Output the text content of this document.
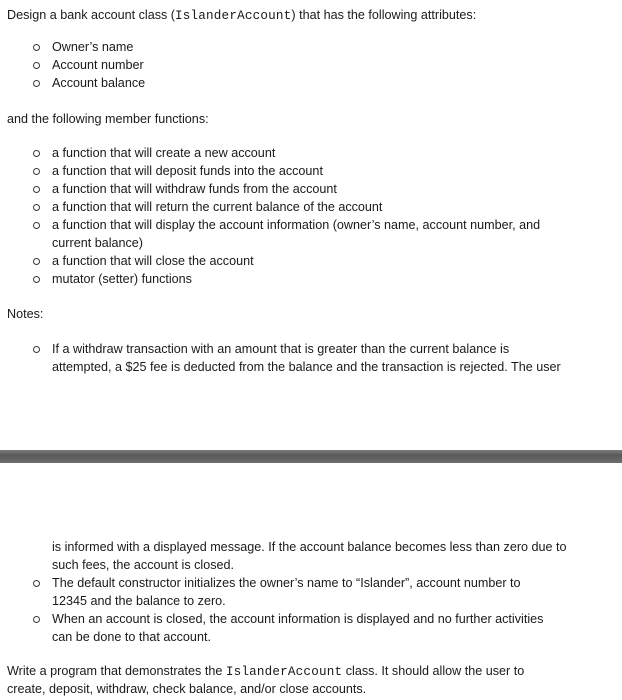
Design a bank account class (IslanderAccount) that has the following attributes:
Owner’s name
Account number
Account balance
and the following member functions:
a function that will create a new account
a function that will deposit funds into the account
a function that will withdraw funds from the account
a function that will return the current balance of the account
a function that will display the account information (owner’s name, account number, and
current balance)
a function that will close the account
mutator (setter) functions
Notes:
If a withdraw transaction with an amount that is greater than the current balance is
attempted, a $25 fee is deducted from the balance and the transaction is rejected. The user
is informed with a displayed message. If the account balance becomes less than zero due to
such fees, the account is closed.
The default constructor initializes the owner’s name to “Islander”, account number to
12345 and the balance to zero.
When an account is closed, the account information is displayed and no further activities
can be done to that account.
Write a program that demonstrates the IslanderAccount class. It should allow the user to
create, deposit, withdraw, check balance, and/or close accounts.
